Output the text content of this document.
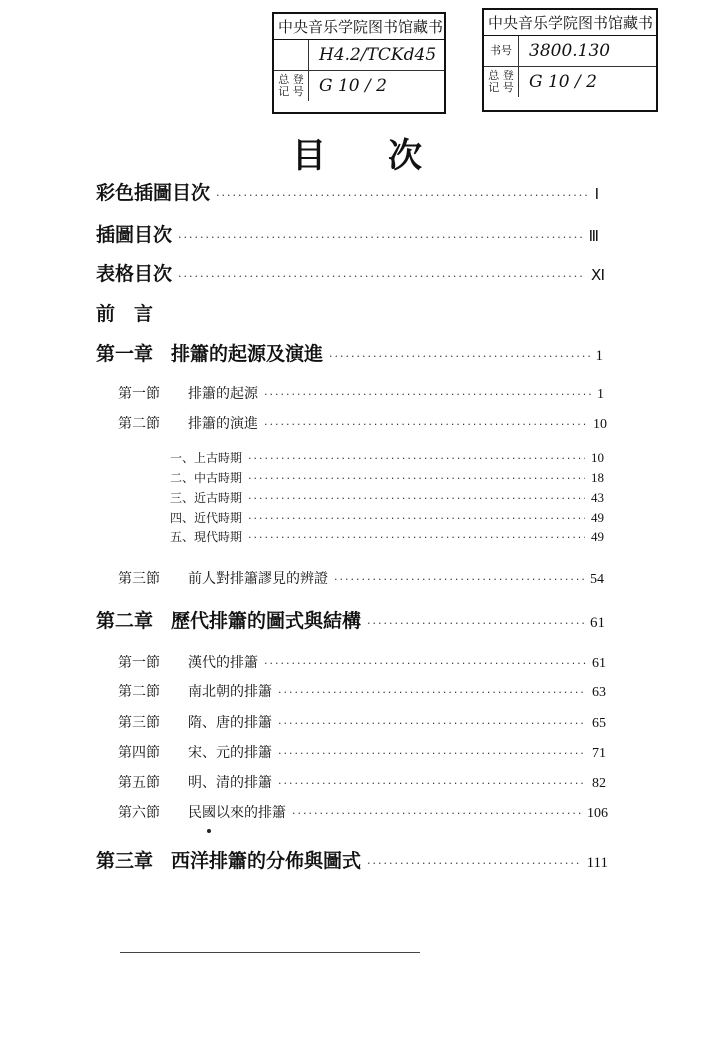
中央音乐学院图书馆藏书
H4.2/TCKd45
总 登 记 号 G 10 / 2
中央音乐学院图书馆藏书
书号	3800.130
总 登 记 号 G 10 / 2
目 次
彩色插圖目次 ·····	Ⅰ
插圖目次 ·····	Ⅲ
表格目次 ·····	Ⅺ
前　言
第一章 排簫的起源及演進 ·····	1
第一節	排簫的起源 ·····	1
第二節	排簫的演進 ·····	10
一、上古時期 ·····	10
二、中古時期 ·····	18
三、近古時期 ·····	43
四、近代時期 ·····	49
五、現代時期 ·····	49
第三節	前人對排簫謬見的辨證 ·····	54
第二章 歷代排簫的圖式與結構 ·····	61
第一節	漢代的排簫 ·····	61
第二節	南北朝的排簫 ·····	63
第三節	隋、唐的排簫 ·····	65
第四節	宋、元的排簫 ·····	71
第五節	明、清的排簫 ·····	82
第六節	民國以來的排簫 ·····	106
第三章 西洋排簫的分佈與圖式 ·····	111
